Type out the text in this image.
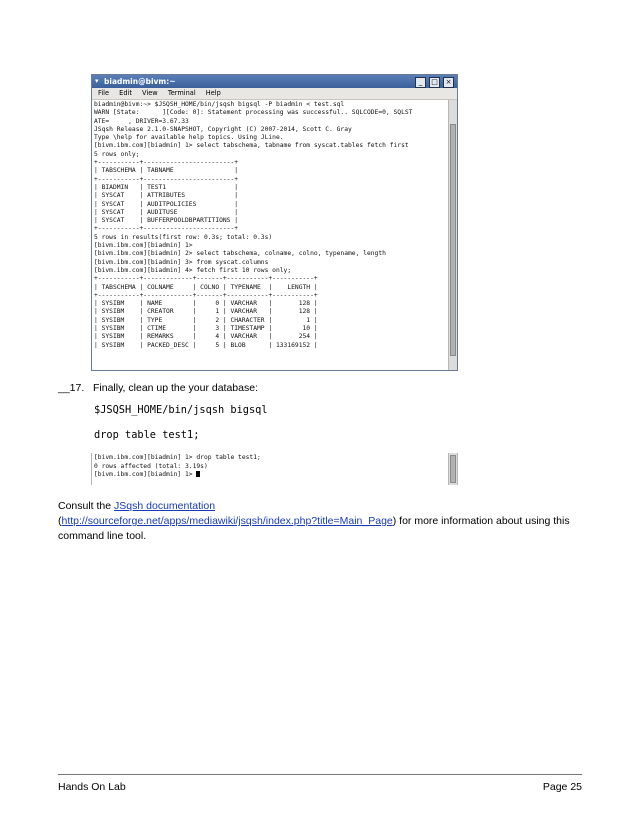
▾ biadmin@bivm:~	_	□	×
File Edit View Terminal Help
biadmin@bivm:~> $JSQSH_HOME/bin/jsqsh bigsql -P biadmin < test.sql
WARN [State:      ][Code: 0]: Statement processing was successful.. SQLCODE=0, SQLST
ATE=     , DRIVER=3.67.33
JSqsh Release 2.1.0-SNAPSHOT, Copyright (C) 2007-2014, Scott C. Gray
Type \help for available help topics. Using JLine.
[bivm.ibm.com][biadmin] 1> select tabschema, tabname from syscat.tables fetch first
5 rows only;
+-----------+------------------------+
| TABSCHEMA | TABNAME                |
+-----------+------------------------+
| BIADMIN   | TEST1                  |
| SYSCAT    | ATTRIBUTES             |
| SYSCAT    | AUDITPOLICIES          |
| SYSCAT    | AUDITUSE               |
| SYSCAT    | BUFFERPOOLDBPARTITIONS |
+-----------+------------------------+
5 rows in results(first row: 0.3s; total: 0.3s)
[bivm.ibm.com][biadmin] 1>
[bivm.ibm.com][biadmin] 2> select tabschema, colname, colno, typename, length
[bivm.ibm.com][biadmin] 3> from syscat.columns
[bivm.ibm.com][biadmin] 4> fetch first 10 rows only;
+-----------+-------------+-------+-----------+-----------+
| TABSCHEMA | COLNAME     | COLNO | TYPENAME  |    LENGTH |
+-----------+-------------+-------+-----------+-----------+
| SYSIBM    | NAME        |     0 | VARCHAR   |       128 |
| SYSIBM    | CREATOR     |     1 | VARCHAR   |       128 |
| SYSIBM    | TYPE        |     2 | CHARACTER |         1 |
| SYSIBM    | CTIME       |     3 | TIMESTAMP |        10 |
| SYSIBM    | REMARKS     |     4 | VARCHAR   |       254 |
| SYSIBM    | PACKED_DESC |     5 | BLOB      | 133169152 |
__17. Finally, clean up the your database:
$JSQSH_HOME/bin/jsqsh bigsql
drop table test1;
[bivm.ibm.com][biadmin] 1> drop table test1;
0 rows affected (total: 3.19s)
[bivm.ibm.com][biadmin] 1>
Consult the JSqsh documentation
(http://sourceforge.net/apps/mediawiki/jsqsh/index.php?title=Main_Page) for more information about using this command line tool.
Hands On Lab	Page 25
